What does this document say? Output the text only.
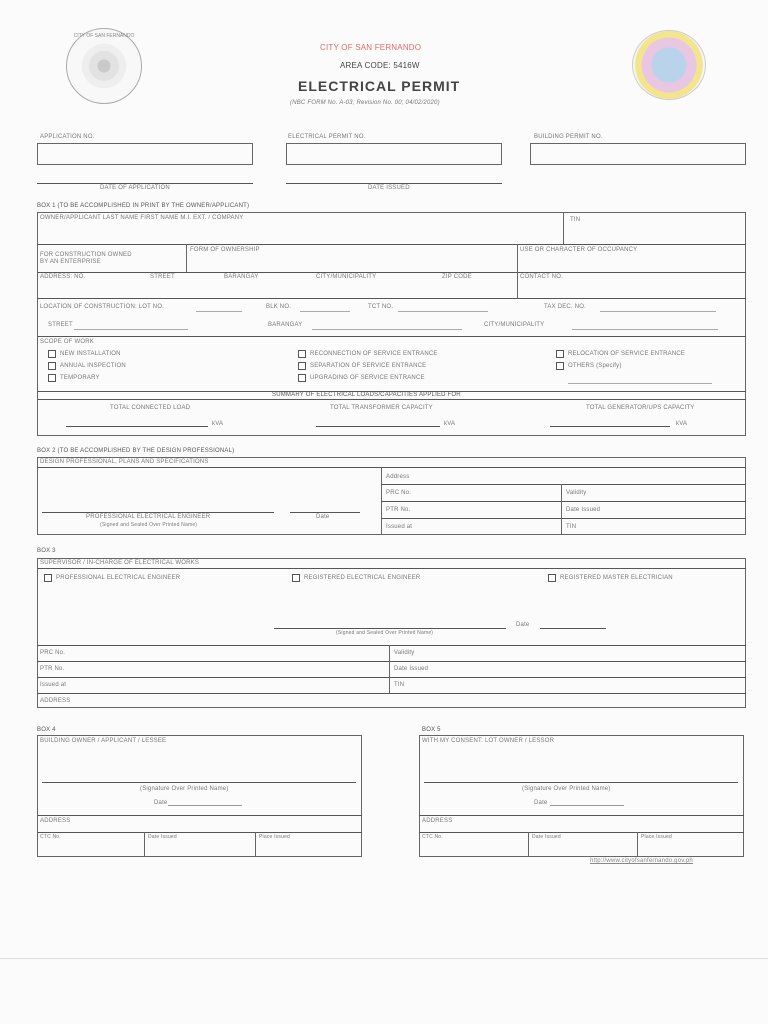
CITY OF SAN FERNANDO
CITY OF SAN FERNANDO
AREA CODE: 5416W
ELECTRICAL PERMIT
(NBC FORM No. A-03; Revision No. 00; 04/02/2020)
APPLICATION NO.	ELECTRICAL PERMIT NO.	BUILDING PERMIT NO.
DATE OF APPLICATION	DATE ISSUED
BOX 1 (TO BE ACCOMPLISHED IN PRINT BY THE OWNER/APPLICANT)
OWNER/APPLICANT LAST NAME FIRST NAME M.I. EXT. / COMPANY	TIN
FOR CONSTRUCTION OWNED BY AN ENTERPRISE
FORM OF OWNERSHIP	USE OR CHARACTER OF OCCUPANCY
ADDRESS: NO.	STREET	BARANGAY	CITY/MUNICIPALITY	ZIP CODE	CONTACT NO.
LOCATION OF CONSTRUCTION: LOT NO.	BLK NO.	TCT NO.	TAX DEC. NO.
STREET	BARANGAY	CITY/MUNICIPALITY
SCOPE OF WORK
NEW INSTALLATION
ANNUAL INSPECTION
TEMPORARY
RECONNECTION OF SERVICE ENTRANCE
SEPARATION OF SERVICE ENTRANCE
UPGRADING OF SERVICE ENTRANCE
RELOCATION OF SERVICE ENTRANCE
OTHERS (Specify)
SUMMARY OF ELECTRICAL LOADS/CAPACITIES APPLIED FOR
TOTAL CONNECTED LOAD
kVA
TOTAL TRANSFORMER CAPACITY
kVA
TOTAL GENERATOR/UPS CAPACITY
kVA
BOX 2 (TO BE ACCOMPLISHED BY THE DESIGN PROFESSIONAL)
DESIGN PROFESSIONAL, PLANS AND SPECIFICATIONS
Address
PRC No.	Validity
PTR No.	Date Issued
Issued at	TIN
PROFESSIONAL ELECTRICAL ENGINEER
(Signed and Sealed Over Printed Name)
Date
BOX 3
SUPERVISOR / IN-CHARGE OF ELECTRICAL WORKS
PROFESSIONAL ELECTRICAL ENGINEER	REGISTERED ELECTRICAL ENGINEER	REGISTERED MASTER ELECTRICIAN
(Signed and Sealed Over Printed Name)
Date
PRC No.	Validity
PTR No.	Date Issued
Issued at	TIN
ADDRESS
BOX 4
BUILDING OWNER / APPLICANT / LESSEE
(Signature Over Printed Name)
Date
ADDRESS
CTC No.	Date Issued	Place Issued
BOX 5
WITH MY CONSENT: LOT OWNER / LESSOR
(Signature Over Printed Name)
Date
ADDRESS
CTC No.	Date Issued	Place Issued
http://www.cityofsanfernando.gov.ph
